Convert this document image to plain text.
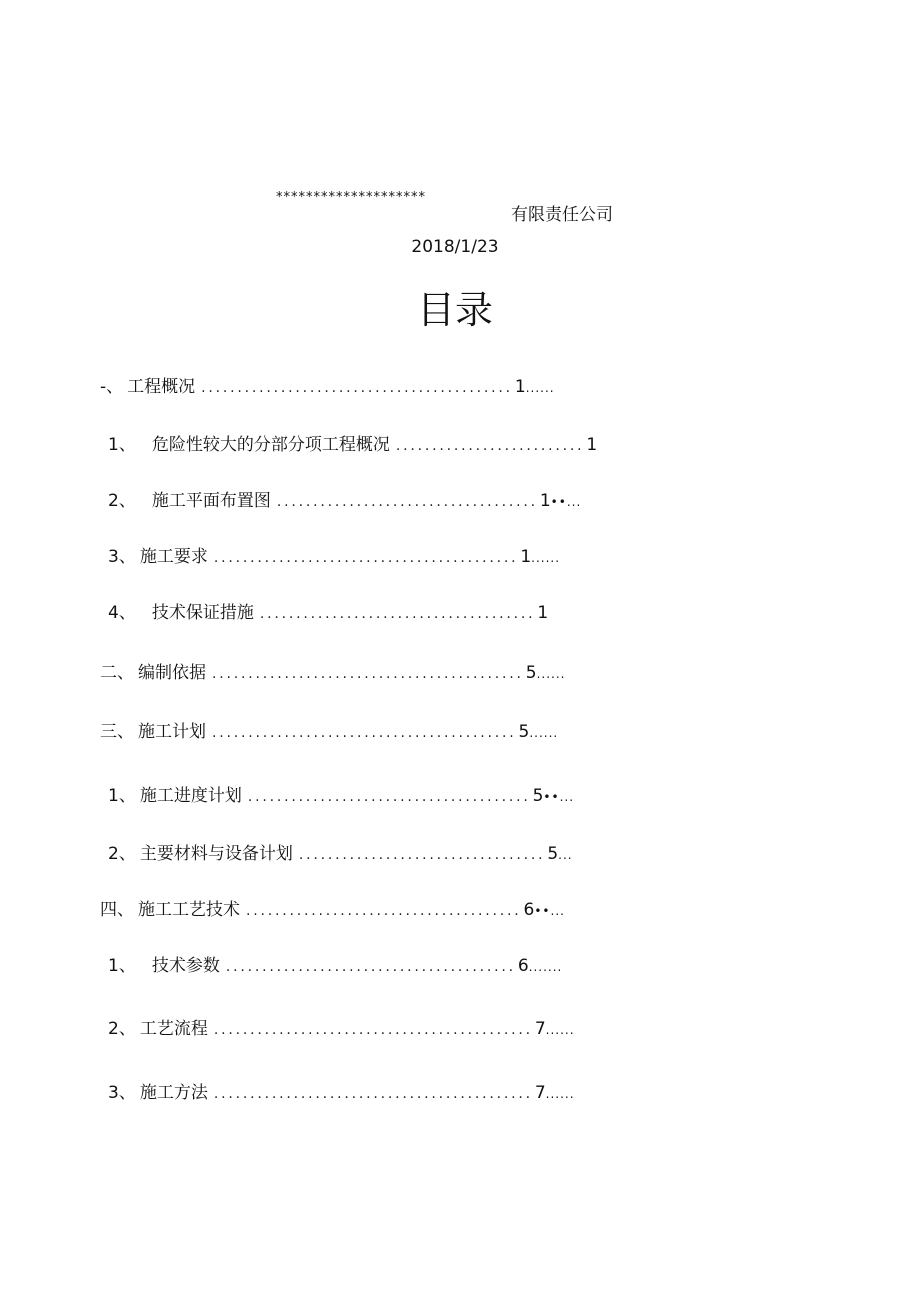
********************
有限责任公司
2018/1/23
目录
-、 工程概况 ........................................... 1......
1、 危险性较大的分部分项工程概况 .......................... 1
2、 施工平面布置图 .................................... 1••...
3、 施工要求 .......................................... 1......
4、 技术保证措施 ...................................... 1
二、 编制依据 ........................................... 5......
三、 施工计划 .......................................... 5......
1、 施工进度计划 ....................................... 5••...
2、 主要材料与设备计划 .................................. 5...
四、 施工工艺技术 ...................................... 6••...
1、 技术参数 ........................................ 6.......
2、 工艺流程 ............................................ 7......
3、 施工方法 ............................................ 7......
